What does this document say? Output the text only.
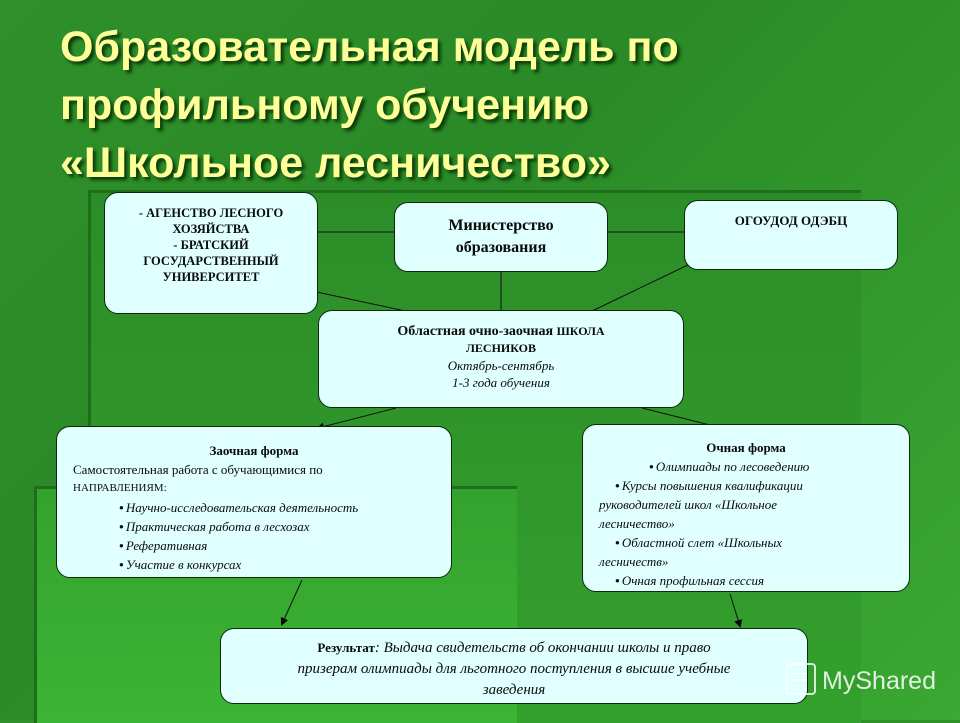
Образовательная модель по
профильному обучению
«Школьное лесничество»
- АГЕНСТВО ЛЕСНОГО
ХОЗЯЙСТВА
- БРАТСКИЙ
ГОСУДАРСТВЕННЫЙ
УНИВЕРСИТЕТ
Министерство
образования
ОГОУДОД ОДЭБЦ
Областная очно-заочная ШКОЛА
ЛЕСНИКОВ
Октябрь-сентябрь
1-3 года обучения
Заочная форма
Самостоятельная работа с обучающимися по
НАПРАВЛЕНИЯМ:
● Научно-исследовательская деятельность
● Практическая работа в лесхозах
● Реферативная
● Участие в конкурсах
Очная форма
● Олимпиады по лесоведению
● Курсы повышения квалификации
руководителей школ «Школьное
лесничество»
● Областной слет «Школьных
лесничеств»
● Очная профильная сессия
Результат: Выдача свидетельств об окончании школы и право
призерам олимпиады для льготного поступления в высшие учебные
заведения	MyShared
